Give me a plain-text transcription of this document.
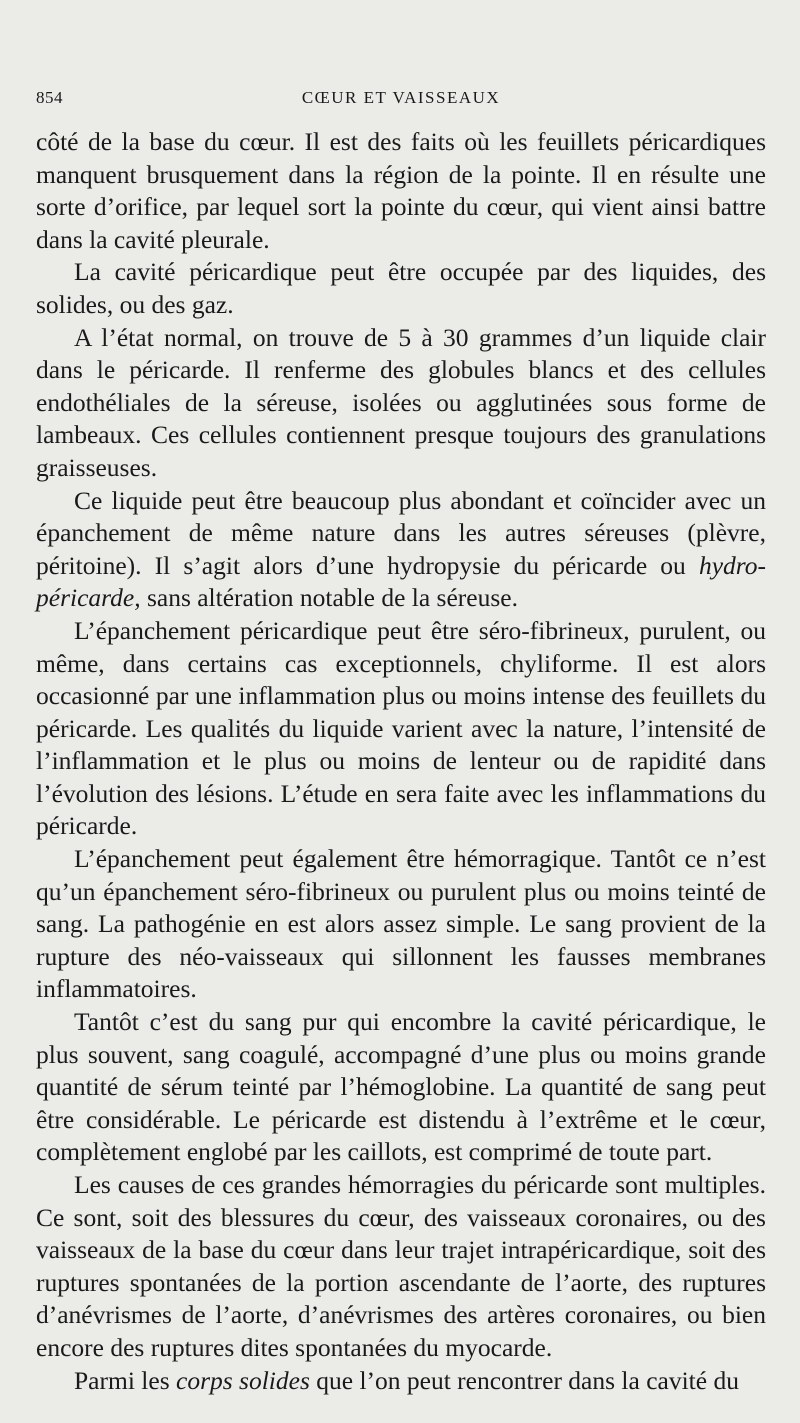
854	CŒUR ET VAISSEAUX

côté de la base du cœur. Il est des faits où les feuillets péricardiques manquent brusquement dans la région de la pointe. Il en résulte une sorte d’orifice, par lequel sort la pointe du cœur, qui vient ainsi battre dans la cavité pleurale.

La cavité péricardique peut être occupée par des liquides, des solides, ou des gaz.

A l’état normal, on trouve de 5 à 30 grammes d’un liquide clair dans le péricarde. Il renferme des globules blancs et des cellules endothéliales de la séreuse, isolées ou agglutinées sous forme de lambeaux. Ces cellules contiennent presque toujours des granulations graisseuses.

Ce liquide peut être beaucoup plus abondant et coïncider avec un épanchement de même nature dans les autres séreuses (plèvre, péritoine). Il s’agit alors d’une hydropysie du péricarde ou hydro-péricarde, sans altération notable de la séreuse.

L’épanchement péricardique peut être séro-fibrineux, purulent, ou même, dans certains cas exceptionnels, chyliforme. Il est alors occasionné par une inflammation plus ou moins intense des feuillets du péricarde. Les qualités du liquide varient avec la nature, l’intensité de l’inflammation et le plus ou moins de lenteur ou de rapidité dans l’évolution des lésions. L’étude en sera faite avec les inflammations du péricarde.

L’épanchement peut également être hémorragique. Tantôt ce n’est qu’un épanchement séro-fibrineux ou purulent plus ou moins teinté de sang. La pathogénie en est alors assez simple. Le sang provient de la rupture des néo-vaisseaux qui sillonnent les fausses membranes inflammatoires.

Tantôt c’est du sang pur qui encombre la cavité péricardique, le plus souvent, sang coagulé, accompagné d’une plus ou moins grande quantité de sérum teinté par l’hémoglobine. La quantité de sang peut être considérable. Le péricarde est distendu à l’extrême et le cœur, complètement englobé par les caillots, est comprimé de toute part.

Les causes de ces grandes hémorragies du péricarde sont multiples. Ce sont, soit des blessures du cœur, des vaisseaux coronaires, ou des vaisseaux de la base du cœur dans leur trajet intrapéricardique, soit des ruptures spontanées de la portion ascendante de l’aorte, des ruptures d’anévrismes de l’aorte, d’anévrismes des artères coronaires, ou bien encore des ruptures dites spontanées du myocarde.

Parmi les corps solides que l’on peut rencontrer dans la cavité du
